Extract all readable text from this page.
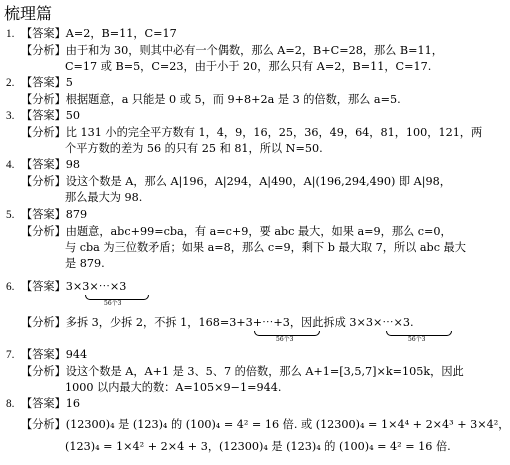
梳理篇
1. 【答案】A=2，B=11，C=17
【分析】由于和为 30，则其中必有一个偶数，那么 A=2，B+C=28，那么 B=11，
C=17 或 B=5，C=23，由于小于 20，那么只有 A=2，B=11，C=17.
2. 【答案】5
【分析】根据题意，a 只能是 0 或 5，而 9+8+2a 是 3 的倍数，那么 a=5.
3. 【答案】50
【分析】比 131 小的完全平方数有 1，4，9，16，25，36，49，64，81，100，121，两
个平方数的差为 56 的只有 25 和 81，所以 N=50.
4. 【答案】98
【分析】设这个数是 A，那么 A|196，A|294，A|490，A|(196,294,490) 即 A|98，
那么最大为 98.
5. 【答案】879
【分析】由题意，abc+99=cba，有 a=c+9，要 abc 最大，如果 a=9，那么 c=0，
与 cba 为三位数矛盾；如果 a=8，那么 c=9，剩下 b 最大取 7，所以 abc 最大
是 879.
6. 【答案】3×3×⋯×3
56个3
【分析】多拆 3，少拆 2，不拆 1，168=3+3+⋯+3，因此拆成 3×3×⋯×3.
56个3	56个3
7. 【答案】944
【分析】设这个数是 A，A+1 是 3、5、7 的倍数，那么 A+1=[3,5,7]×k=105k，因此
1000 以内最大的数：A=105×9−1=944.
8. 【答案】16
【分析】(12300)₄ 是 (123)₄ 的 (100)₄ = 4² = 16 倍. 或 (12300)₄ = 1×4⁴ + 2×4³ + 3×4²，
(123)₄ = 1×4² + 2×4 + 3，(12300)₄ 是 (123)₄ 的 (100)₄ = 4² = 16 倍.
